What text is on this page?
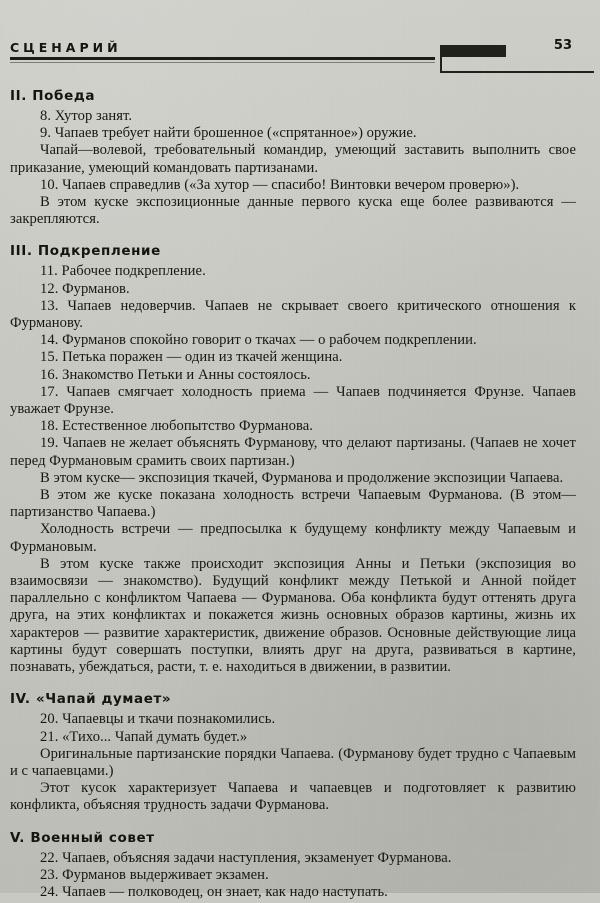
СЦЕНАРИЙ	53
II. Победа

8. Хутор занят.

9. Чапаев требует найти брошенное («спрятанное») оружие.

Чапай—волевой, требовательный командир, умеющий заставить выполнить свое приказание, умеющий командовать партизанами.

10. Чапаев справедлив («За хутор — спасибо! Винтовки вечером проверю»).

В этом куске экспозиционные данные первого куска еще более развиваются — закрепляются.

III. Подкрепление

11. Рабочее подкрепление.

12. Фурманов.

13. Чапаев недоверчив. Чапаев не скрывает своего критического отношения к Фурманову.

14. Фурманов спокойно говорит о ткачах — о рабочем подкреплении.

15. Петька поражен — один из ткачей женщина.

16. Знакомство Петьки и Анны состоялось.

17. Чапаев смягчает холодность приема — Чапаев подчиняется Фрунзе. Чапаев уважает Фрунзе.

18. Естественное любопытство Фурманова.

19. Чапаев не желает объяснять Фурманову, что делают партизаны. (Чапаев не хочет перед Фурмановым срамить своих партизан.)

В этом куске— экспозиция ткачей, Фурманова и продолжение экспозиции Чапаева.

В этом же куске показана холодность встречи Чапаевым Фурманова. (В этом— партизанство Чапаева.)

Холодность встречи — предпосылка к будущему конфликту между Чапаевым и Фурмановым.

В этом куске также происходит экспозиция Анны и Петьки (экспозиция во взаимосвязи — знакомство). Будущий конфликт между Петькой и Анной пойдет параллельно с конфликтом Чапаева — Фурманова. Оба конфликта будут оттенять друга друга, на этих конфликтах и покажется жизнь основных образов картины, жизнь их характеров — развитие характеристик, движение образов. Основные действующие лица картины будут совершать поступки, влиять друг на друга, развиваться в картине, познавать, убеждаться, расти, т. е. находиться в движении, в развитии.

IV. «Чапай думает»

20. Чапаевцы и ткачи познакомились.

21. «Тихо... Чапай думать будет.»

Оригинальные партизанские порядки Чапаева. (Фурманову будет трудно с Чапаевым и с чапаевцами.)

Этот кусок характеризует Чапаева и чапаевцев и подготовляет к развитию конфликта, объясняя трудность задачи Фурманова.

V. Военный совет

22. Чапаев, объясняя задачи наступления, экзаменует Фурманова.

23. Фурманов выдерживает экзамен.

24. Чапаев — полководец, он знает, как надо наступать.
